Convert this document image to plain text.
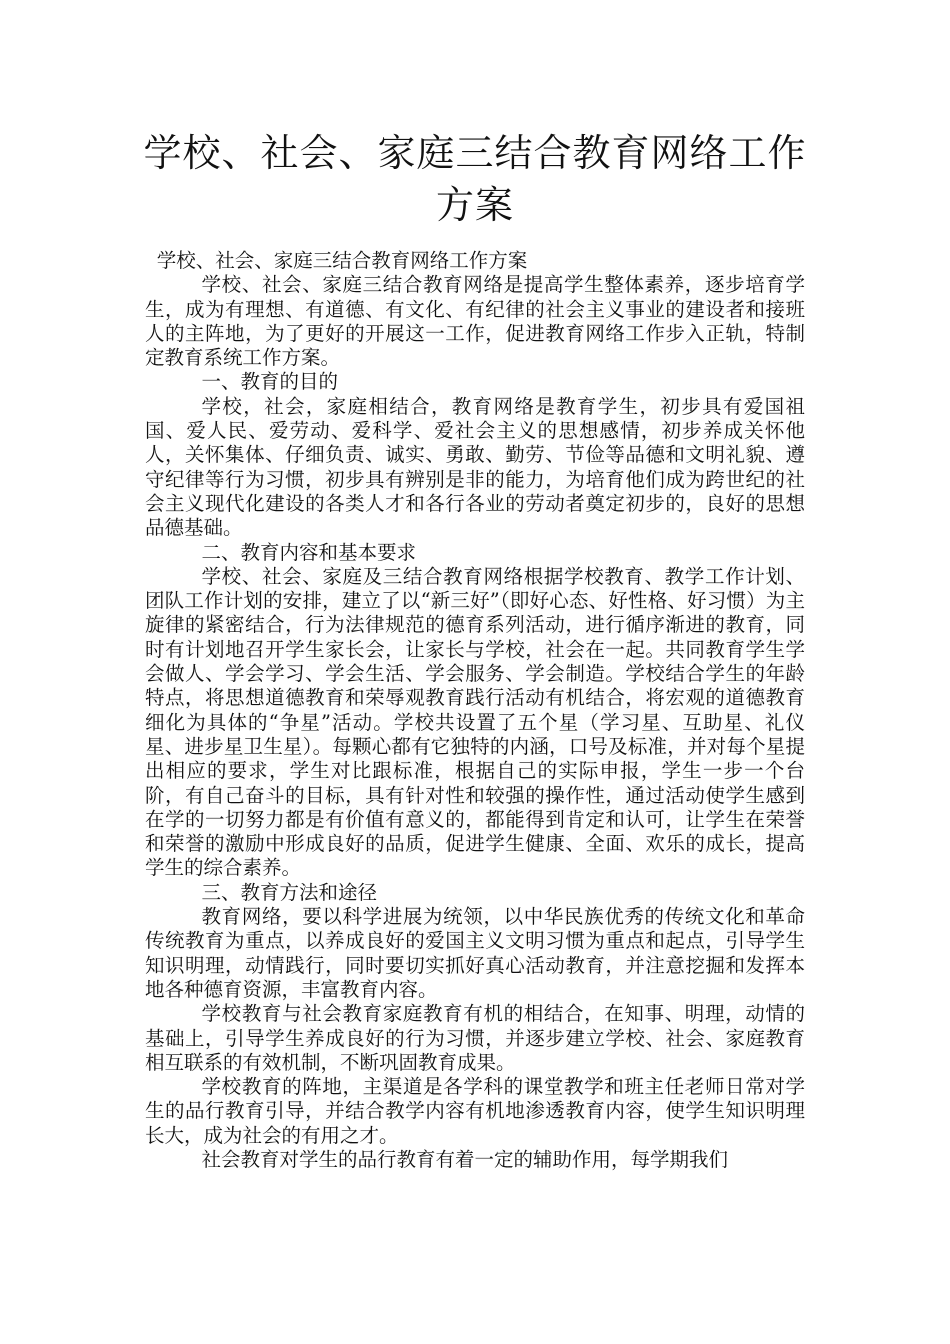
学校、社会、家庭三结合教育网络工作方案

学校、社会、家庭三结合教育网络工作方案

学校、社会、家庭三结合教育网络是提高学生整体素养，逐步培育学生，成为有理想、有道德、有文化、有纪律的社会主义事业的建设者和接班人的主阵地，为了更好的开展这一工作，促进教育网络工作步入正轨，特制定教育系统工作方案。

一、教育的目的

学校，社会，家庭相结合，教育网络是教育学生，初步具有爱国祖国、爱人民、爱劳动、爱科学、爱社会主义的思想感情，初步养成关怀他人，关怀集体、仔细负责、诚实、勇敢、勤劳、节俭等品德和文明礼貌、遵守纪律等行为习惯，初步具有辨别是非的能力，为培育他们成为跨世纪的社会主义现代化建设的各类人才和各行各业的劳动者奠定初步的，良好的思想品德基础。

二、教育内容和基本要求

学校、社会、家庭及三结合教育网络根据学校教育、教学工作计划、团队工作计划的安排，建立了以“新三好”（即好心态、好性格、好习惯）为主旋律的紧密结合，行为法律规范的德育系列活动，进行循序渐进的教育，同时有计划地召开学生家长会，让家长与学校，社会在一起。共同教育学生学会做人、学会学习、学会生活、学会服务、学会制造。学校结合学生的年龄特点，将思想道德教育和荣辱观教育践行活动有机结合，将宏观的道德教育细化为具体的“争星”活动。学校共设置了五个星（学习星、互助星、礼仪星、进步星卫生星）。每颗心都有它独特的内涵，口号及标准，并对每个星提出相应的要求，学生对比跟标准，根据自己的实际申报，学生一步一个台阶，有自己奋斗的目标，具有针对性和较强的操作性，通过活动使学生感到在学的一切努力都是有价值有意义的，都能得到肯定和认可，让学生在荣誉和荣誉的激励中形成良好的品质，促进学生健康、全面、欢乐的成长，提高学生的综合素养。

三、教育方法和途径

教育网络，要以科学进展为统领，以中华民族优秀的传统文化和革命传统教育为重点，以养成良好的爱国主义文明习惯为重点和起点，引导学生知识明理，动情践行，同时要切实抓好真心活动教育，并注意挖掘和发挥本地各种德育资源，丰富教育内容。

学校教育与社会教育家庭教育有机的相结合，在知事、明理，动情的基础上，引导学生养成良好的行为习惯，并逐步建立学校、社会、家庭教育相互联系的有效机制，不断巩固教育成果。

学校教育的阵地，主渠道是各学科的课堂教学和班主任老师日常对学生的品行教育引导，并结合教学内容有机地渗透教育内容，使学生知识明理长大，成为社会的有用之才。

社会教育对学生的品行教育有着一定的辅助作用，每学期我们
